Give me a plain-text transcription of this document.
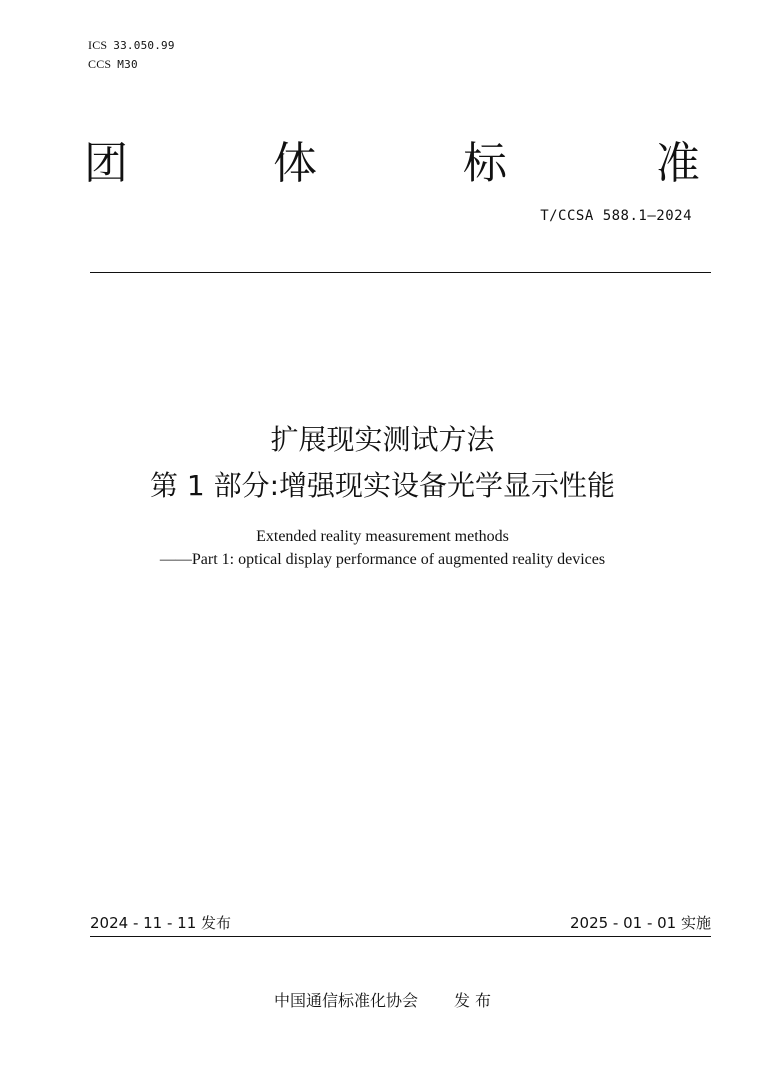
ICS 33.050.99
CCS M30
团	体	标	准
T/CCSA 588.1—2024
扩展现实测试方法
第 1 部分:增强现实设备光学显示性能
Extended reality measurement methods
——Part 1: optical display performance of augmented reality devices
2024 - 11 - 11 发布	2025 - 01 - 01 实施
中国通信标准化协会 发 布
